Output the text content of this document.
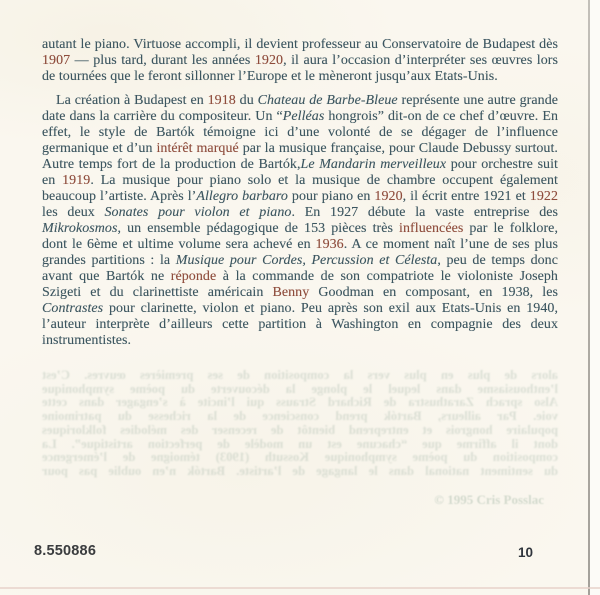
alors de plus en plus vers la composition de ses premières œuvres. C’est
l’enthousiasme dans lequel le plonge la découverte du poème symphonique
Also sprach Zarathustra de Richard Strauss qui l’incite à s’engager dans cette
voie. Par ailleurs, Bartók prend conscience de la richesse du patrimoine
populaire hongrois et entreprend bientôt de recenser des mélodies folkloriques
dont il affirme que “chacune est un modèle de perfection artistique”. La
composition du poème symphonique Kossuth (1903) témoigne de l’émergence
du sentiment national dans le langage de l’artiste. Bartók n’en oublie pas pour
© 1995 Cris Posslac

autant le piano. Virtuose accompli, il devient professeur au Conservatoire de Budapest dès 1907 — plus tard, durant les années 1920, il aura l’occasion d’interpréter ses œuvres lors de tournées que le feront sillonner l’Europe et le mèneront jusqu’aux Etats-Unis.

La création à Budapest en 1918 du Chateau de Barbe-Bleue représente une autre grande date dans la carrière du compositeur. Un “Pelléas hongrois” dit-on de ce chef d’œuvre. En effet, le style de Bartók témoigne ici d’une volonté de se dégager de l’influence germanique et d’un intérêt marqué par la musique française, pour Claude Debussy surtout. Autre temps fort de la production de Bartók,Le Mandarin merveilleux pour orchestre suit en 1919. La musique pour piano solo et la musique de chambre occupent également beaucoup l’artiste. Après l’Allegro barbaro pour piano en 1920, il écrit entre 1921 et 1922 les deux Sonates pour violon et piano. En 1927 débute la vaste entreprise des Mikrokosmos, un ensemble pédagogique de 153 pièces très influencées par le folklore, dont le 6ème et ultime volume sera achevé en 1936. A ce moment naît l’une de ses plus grandes partitions : la Musique pour Cordes, Percussion et Célesta, peu de temps donc avant que Bartók ne réponde à la commande de son compatriote le violoniste Joseph Szigeti et du clarinettiste américain Benny Goodman en composant, en 1938, les Contrastes pour clarinette, violon et piano. Peu après son exil aux Etats-Unis en 1940, l’auteur interprète d’ailleurs cette partition à Washington en compagnie des deux instrumentistes.

8.550886	10
